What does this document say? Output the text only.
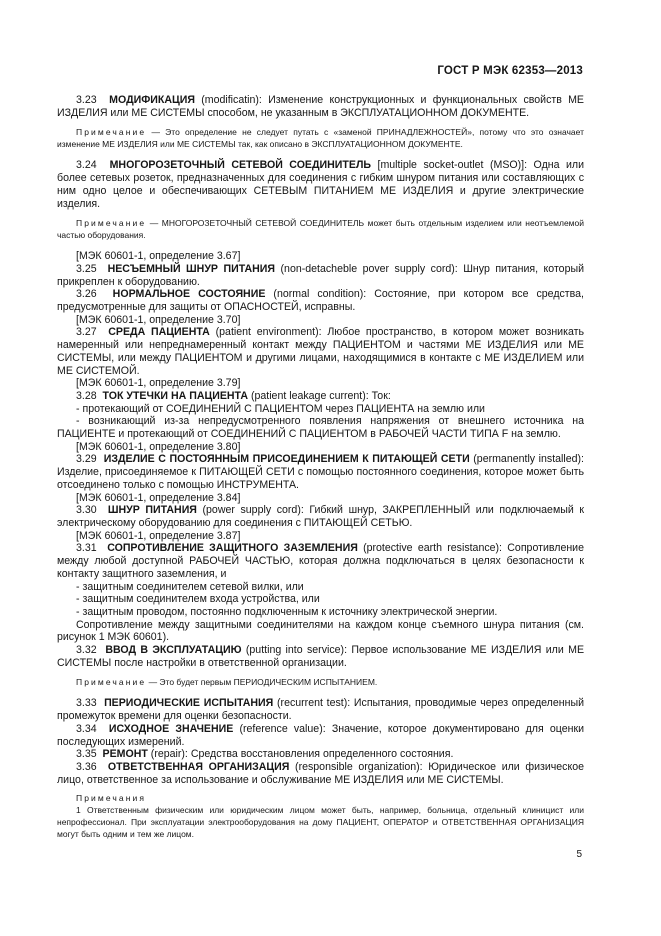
ГОСТ Р МЭК 62353—2013

3.23 МОДИФИКАЦИЯ (modificatin): Изменение конструкционных и функциональных свойств МЕ ИЗДЕЛИЯ или МЕ СИСТЕМЫ способом, не указанным в ЭКСПЛУАТАЦИОННОМ ДОКУМЕНТЕ.

Примечание — Это определение не следует путать с «заменой ПРИНАДЛЕЖНОСТЕЙ», потому что это означает изменение МЕ ИЗДЕЛИЯ или МЕ СИСТЕМЫ так, как описано в ЭКСПЛУАТАЦИОННОМ ДОКУМЕНТЕ.

3.24 МНОГОРОЗЕТОЧНЫЙ СЕТЕВОЙ СОЕДИНИТЕЛЬ [multiple socket-outlet (MSO)]: Одна или более сетевых розеток, предназначенных для соединения с гибким шнуром питания или составляющих с ним одно целое и обеспечивающих СЕТЕВЫМ ПИТАНИЕМ МЕ ИЗДЕЛИЯ и другие электрические изделия.

Примечание — МНОГОРОЗЕТОЧНЫЙ СЕТЕВОЙ СОЕДИНИТЕЛЬ может быть отдельным изделием или неотъемлемой частью оборудования.

[МЭК 60601-1, определение 3.67]

3.25 НЕСЪЕМНЫЙ ШНУР ПИТАНИЯ (non-detacheble pover supply cord): Шнур питания, который прикреплен к оборудованию.

3.26 НОРМАЛЬНОЕ СОСТОЯНИЕ (normal condition): Состояние, при котором все средства, предусмотренные для защиты от ОПАСНОСТЕЙ, исправны.

[МЭК 60601-1, определение 3.70]

3.27 СРЕДА ПАЦИЕНТА (patient environment): Любое пространство, в котором может возникать намеренный или непреднамеренный контакт между ПАЦИЕНТОМ и частями МЕ ИЗДЕЛИЯ или МЕ СИСТЕМЫ, или между ПАЦИЕНТОМ и другими лицами, находящимися в контакте с МЕ ИЗДЕЛИЕМ или МЕ СИСТЕМОЙ.

[МЭК 60601-1, определение 3.79]

3.28 ТОК УТЕЧКИ НА ПАЦИЕНТА (patient leakage current): Ток:

- протекающий от СОЕДИНЕНИЙ С ПАЦИЕНТОМ через ПАЦИЕНТА на землю или

- возникающий из-за непредусмотренного появления напряжения от внешнего источника на ПАЦИЕНТЕ и протекающий от СОЕДИНЕНИЙ С ПАЦИЕНТОМ в РАБОЧЕЙ ЧАСТИ ТИПА F на землю.

[МЭК 60601-1, определение 3.80]

3.29 ИЗДЕЛИЕ С ПОСТОЯННЫМ ПРИСОЕДИНЕНИЕМ К ПИТАЮЩЕЙ СЕТИ (permanently installed): Изделие, присоединяемое к ПИТАЮЩЕЙ СЕТИ с помощью постоянного соединения, которое может быть отсоединено только с помощью ИНСТРУМЕНТА.

[МЭК 60601-1, определение 3.84]

3.30 ШНУР ПИТАНИЯ (power supply cord): Гибкий шнур, ЗАКРЕПЛЕННЫЙ или подключаемый к электрическому оборудованию для соединения с ПИТАЮЩЕЙ СЕТЬЮ.

[МЭК 60601-1, определение 3.87]

3.31 СОПРОТИВЛЕНИЕ ЗАЩИТНОГО ЗАЗЕМЛЕНИЯ (protective earth resistance): Сопротивление между любой доступной РАБОЧЕЙ ЧАСТЬЮ, которая должна подключаться в целях безопасности к контакту защитного заземления, и

- защитным соединителем сетевой вилки, или

- защитным соединителем входа устройства, или

- защитным проводом, постоянно подключенным к источнику электрической энергии.

Сопротивление между защитными соединителями на каждом конце съемного шнура питания (см. рисунок 1 МЭК 60601).

3.32 ВВОД В ЭКСПЛУАТАЦИЮ (putting into service): Первое использование МЕ ИЗДЕЛИЯ или МЕ СИСТЕМЫ после настройки в ответственной организации.

Примечание — Это будет первым ПЕРИОДИЧЕСКИМ ИСПЫТАНИЕМ.

3.33 ПЕРИОДИЧЕСКИЕ ИСПЫТАНИЯ (recurrent test): Испытания, проводимые через определенный промежуток времени для оценки безопасности.

3.34 ИСХОДНОЕ ЗНАЧЕНИЕ (reference value): Значение, которое документировано для оценки последующих измерений.

3.35 РЕМОНТ (repair): Средства восстановления определенного состояния.

3.36 ОТВЕТСТВЕННАЯ ОРГАНИЗАЦИЯ (responsible organization): Юридическое или физическое лицо, ответственное за использование и обслуживание МЕ ИЗДЕЛИЯ или МЕ СИСТЕМЫ.

Примечания

1 Ответственным физическим или юридическим лицом может быть, например, больница, отдельный клиницист или непрофессионал. При эксплуатации электрооборудования на дому ПАЦИЕНТ, ОПЕРАТОР и ОТВЕТСТВЕННАЯ ОРГАНИЗАЦИЯ могут быть одним и тем же лицом.

5
